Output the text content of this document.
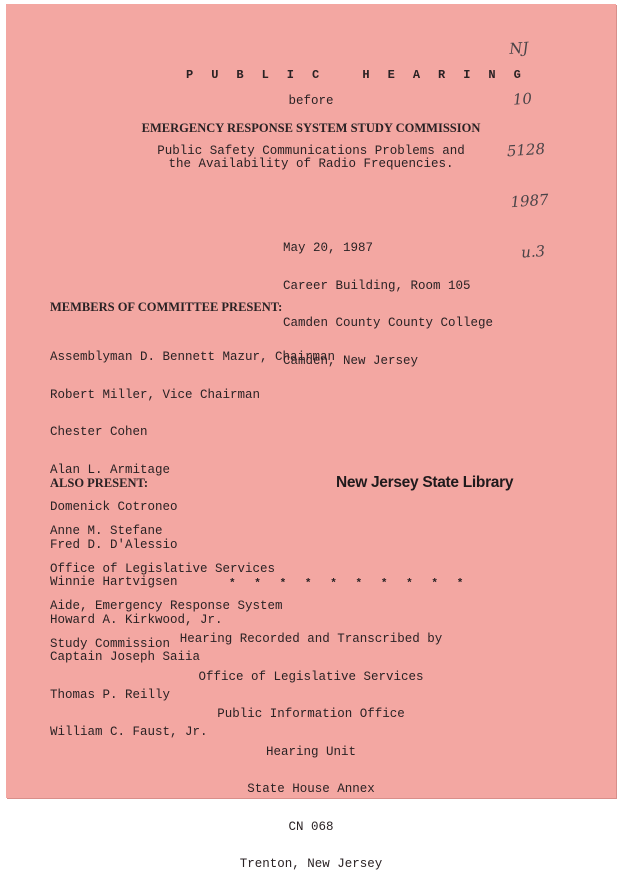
NJ

10

5128

1987

u.3

P U B L I C   H E A R I N G
before
EMERGENCY RESPONSE SYSTEM STUDY COMMISSION
Public Safety Communications Problems and
the Availability of Radio Frequencies.

May 20, 1987

Career Building, Room 105

Camden County County College

Camden, New Jersey

MEMBERS OF COMMITTEE PRESENT:

Assemblyman D. Bennett Mazur, Chairman

Robert Miller, Vice Chairman

Chester Cohen

Alan L. Armitage

Domenick Cotroneo

Fred D. D'Alessio

Winnie Hartvigsen

Howard A. Kirkwood, Jr.

Captain Joseph Saiia

Thomas P. Reilly

William C. Faust, Jr.

ALSO PRESENT:	New Jersey State Library

Anne M. Stefane

Office of Legislative Services

Aide, Emergency Response System

Study Commission

* * * * * * * * * *

Hearing Recorded and Transcribed by

Office of Legislative Services

Public Information Office

Hearing Unit

State House Annex

CN 068

Trenton, New Jersey
